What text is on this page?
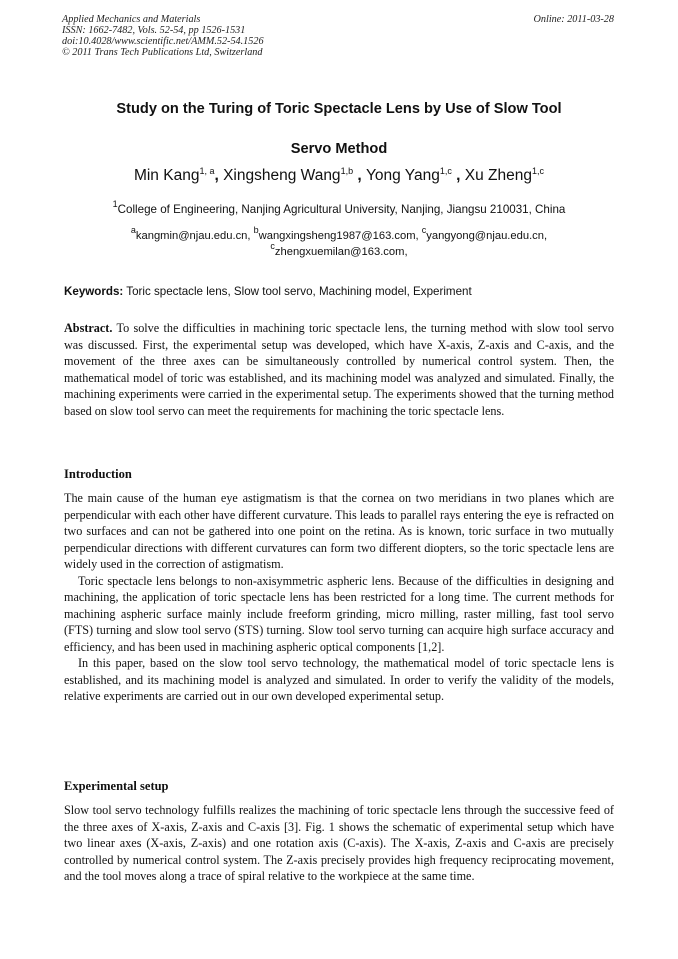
Applied Mechanics and Materials
ISSN: 1662-7482, Vols. 52-54, pp 1526-1531
doi:10.4028/www.scientific.net/AMM.52-54.1526
© 2011 Trans Tech Publications Ltd, Switzerland
Online: 2011-03-28
Study on the Turing of Toric Spectacle Lens by Use of Slow Tool
Servo Method
Min Kang$^{1, a}$, Xingsheng Wang$^{1,b}$ , Yong Yang$^{1,c}$ , Xu Zheng$^{1,c}$
$^1$College of Engineering, Nanjing Agricultural University, Nanjing, Jiangsu 210031, China
$^a$kangmin@njau.edu.cn, $^b$wangxingsheng1987@163.com, $^c$yangyong@njau.edu.cn,
$^c$zhengxuemilan@163.com,
Keywords: Toric spectacle lens, Slow tool servo, Machining model, Experiment

Abstract. To solve the difficulties in machining toric spectacle lens, the turning method with slow tool servo was discussed. First, the experimental setup was developed, which have X-axis, Z-axis and C-axis, and the movement of the three axes can be simultaneously controlled by numerical control system. Then, the mathematical model of toric was established, and its machining model was analyzed and simulated. Finally, the machining experiments were carried in the experimental setup. The experiments showed that the turning method based on slow tool servo can meet the requirements for machining the toric spectacle lens.

Introduction

The main cause of the human eye astigmatism is that the cornea on two meridians in two planes which are perpendicular with each other have different curvature. This leads to parallel rays entering the eye is refracted on two surfaces and can not be gathered into one point on the retina. As is known, toric surface in two mutually perpendicular directions with different curvatures can form two different diopters, so the toric spectacle lens are widely used in the correction of astigmatism.

Toric spectacle lens belongs to non-axisymmetric aspheric lens. Because of the difficulties in designing and machining, the application of toric spectacle lens has been restricted for a long time. The current methods for machining aspheric surface mainly include freeform grinding, micro milling, raster milling, fast tool servo (FTS) turning and slow tool servo (STS) turning. Slow tool servo turning can acquire high surface accuracy and efficiency, and has been used in machining aspheric optical components [1,2].

In this paper, based on the slow tool servo technology, the mathematical model of toric spectacle lens is established, and its machining model is analyzed and simulated. In order to verify the validity of the models, relative experiments are carried out in our own developed experimental setup.

Experimental setup

Slow tool servo technology fulfills realizes the machining of toric spectacle lens through the successive feed of the three axes of X-axis, Z-axis and C-axis [3]. Fig. 1 shows the schematic of experimental setup which have two linear axes (X-axis, Z-axis) and one rotation axis (C-axis). The X-axis, Z-axis and C-axis are precisely controlled by numerical control system. The Z-axis precisely provides high frequency reciprocating movement, and the tool moves along a trace of spiral relative to the workpiece at the same time.
